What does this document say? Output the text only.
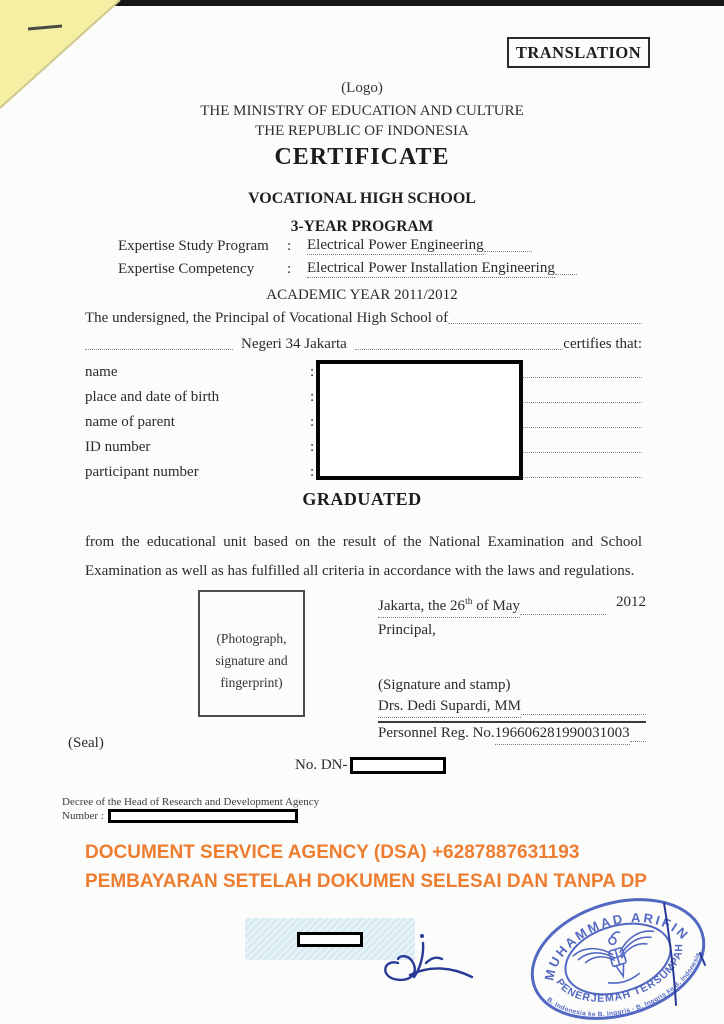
TRANSLATION
(Logo)
THE MINISTRY OF EDUCATION AND CULTURE
THE REPUBLIC OF INDONESIA
CERTIFICATE
VOCATIONAL HIGH SCHOOL
3-YEAR PROGRAM
Expertise Study Program	:	Electrical Power Engineering
Expertise Competency	:	Electrical Power Installation Engineering
ACADEMIC YEAR 2011/2012
The undersigned, the Principal of Vocational High School of
Negeri 34 Jakarta	certifies that:
name	:
place and date of birth	:
name of parent	:
ID number	:
participant number	:
GRADUATED
from the educational unit based on the result of the National Examination and School
Examination as well as has fulfilled all criteria in accordance with the laws and regulations.
(Photograph,
signature and
fingerprint)
Jakarta, the 26th of May	2012
Principal,
(Signature and stamp)
Drs. Dedi Supardi, MM
Personnel Reg. No. 196606281990031003
(Seal)
No. DN-
Decree of the Head of Research and Development Agency
Number :
DOCUMENT SERVICE AGENCY (DSA) +6287887631193
PEMBAYARAN SETELAH DOKUMEN SELESAI DAN TANPA DP
MUHAMMAD ARIFIN
PENERJEMAH TERSUMPAH
B. Indonesia ke B. Inggris - B. Inggris ke B. Indonesia
